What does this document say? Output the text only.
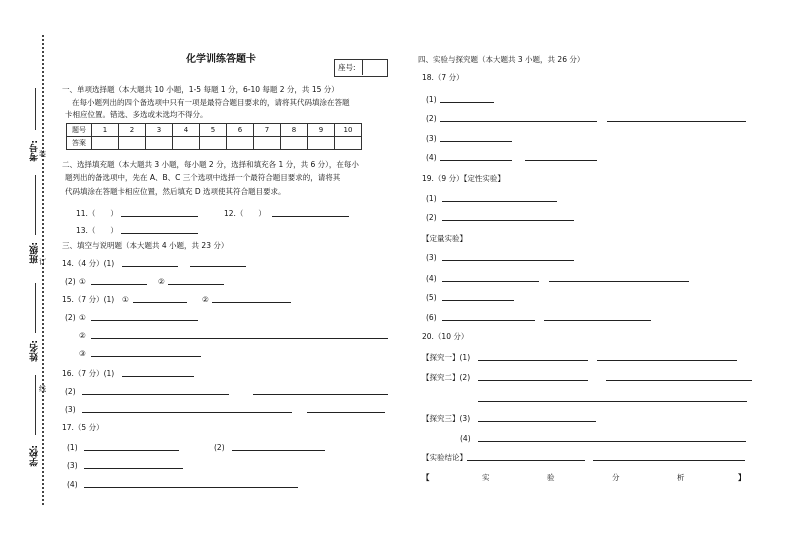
考号: 装
班级: 订
姓名:
线
学校:
化学训练答题卡
座号:
一、单项选择题（本大题共 10 小题，1-5 每题 1 分，6-10 每题 2 分，共 15 分）
在每小题列出的四个备选项中只有一项是最符合题目要求的，请将其代码填涂在答题
卡相应位置。错选、多选或未选均不得分。
题号	1	2	3	4	5	6	7	8	9	10
答案										
二、选择填充题（本大题共 3 小题，每小题 2 分，选择和填充各 1 分，共 6 分），在每小
题列出的备选项中，先在 A、B、C 三个选项中选择一个最符合题目要求的，请将其
代码填涂在答题卡相应位置，然后填充 D 选项使其符合题目要求。
11.（　　）	12.（　　）
13.（　　）
三、填空与说明题（本大题共 4 小题，共 23 分）
14.（4 分）(1)
(2) ①	②
15.（7 分）(1) ①	②
(2) ①
②
③
16.（7 分）(1)
(2)
(3)
17.（5 分）
(1)	(2)
(3)
(4)
四、实验与探究题（本大题共 3 小题，共 26 分）
18.（7 分）
(1)
(2)
(3)
(4)
19.（9 分）【定性实验】
(1)
(2)
【定量实验】
(3)
(4)
(5)
(6)
20.（10 分）
【探究一】(1)
【探究二】(2)
【探究三】(3)
(4)
【实验结论】
【	实	验	分	析	】
